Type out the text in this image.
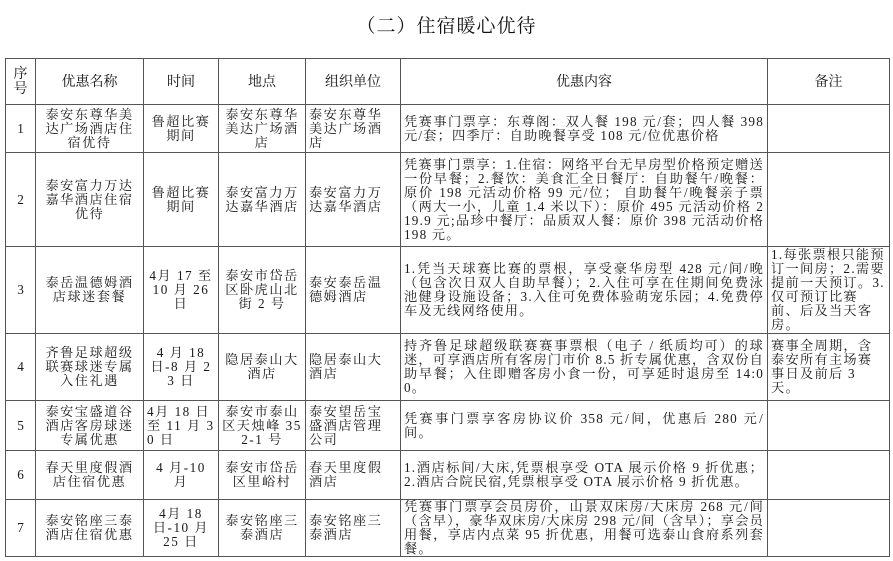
（二）住宿暖心优待
序号	优惠名称	时间	地点	组织单位	优惠内容	备注
1	泰安东尊华美达广场酒店住宿优待	鲁超比赛期间	泰安东尊华美达广场酒店	泰安东尊华美达广场酒店	凭赛事门票享：东尊阁：双人餐 198 元/套；四人餐 398 元/套；四季厅：自助晚餐享受 108 元/位优惠价格	
2	泰安富力万达嘉华酒店住宿优待	鲁超比赛期间	泰安富力万达嘉华酒店	泰安富力万达嘉华酒店	凭赛事门票享：1.住宿：网络平台无早房型价格预定赠送一份早餐；2.餐饮：美食汇全日餐厅：自助餐午/晚餐：原价 198 元活动价格 99 元/位； 自助餐午/晚餐亲子票（两大一小，儿童 1.4 米以下）：原价 495 元活动价格 219.9 元;品珍中餐厅：品质双人餐：原价 398 元活动价格 198 元。	
3	泰岳温德姆酒店球迷套餐	4月 17 至 10 月 26 日	泰安市岱岳区卧虎山北街 2 号	泰安泰岳温德姆酒店	1.凭当天球赛比赛的票根，享受豪华房型 428 元/间/晚（包含次日双人自助早餐）；2.入住可享在住期间免费泳池健身设施设备；3.入住可免费体验萌宠乐园；4.免费停车及无线网络使用。	1.每张票根只能预订一间房；2.需要提前一天预订。3.仅可预订比赛前、后及当天客房。
4	齐鲁足球超级联赛球迷专属入住礼遇	4 月 18 日-8 月 23 日	隐居泰山大酒店	隐居泰山大酒店	持齐鲁足球超级联赛赛事票根（电子 / 纸质均可）的球迷，可享酒店所有客房门市价 8.5 折专属优惠，含双份自助早餐；入住即赠客房小食一份，可享延时退房至 14:00。	赛事全周期，含泰安所有主场赛事日及前后 3 天。
5	泰安宝盛道谷酒店客房球迷专属优惠	4月 18 日至 11 月 30 日	泰安市泰山区天烛峰 352-1 号	泰安望岳宝盛酒店管理公司	凭赛事门票享客房协议价 358 元/间，优惠后 280 元/间。	
6	春天里度假酒店住宿优惠	4 月-10 月	泰安市岱岳区里峪村	春天里度假酒店	1.酒店标间/大床,凭票根享受 OTA 展示价格 9 折优惠；2.酒店合院民宿,凭票根享受 OTA 展示价格 9 折优惠。	
7	泰安铭座三泰酒店住宿优惠	4月 18 日-10 月 25 日	泰安铭座三泰酒店	泰安铭座三泰酒店	凭赛事门票享会员房价，山景双床房/大床房 268 元/间（含早），豪华双床房/大床房 298 元/间（含早）；享会员用餐，享店内点菜 95 折优惠，用餐可选泰山食府系列套餐。	
